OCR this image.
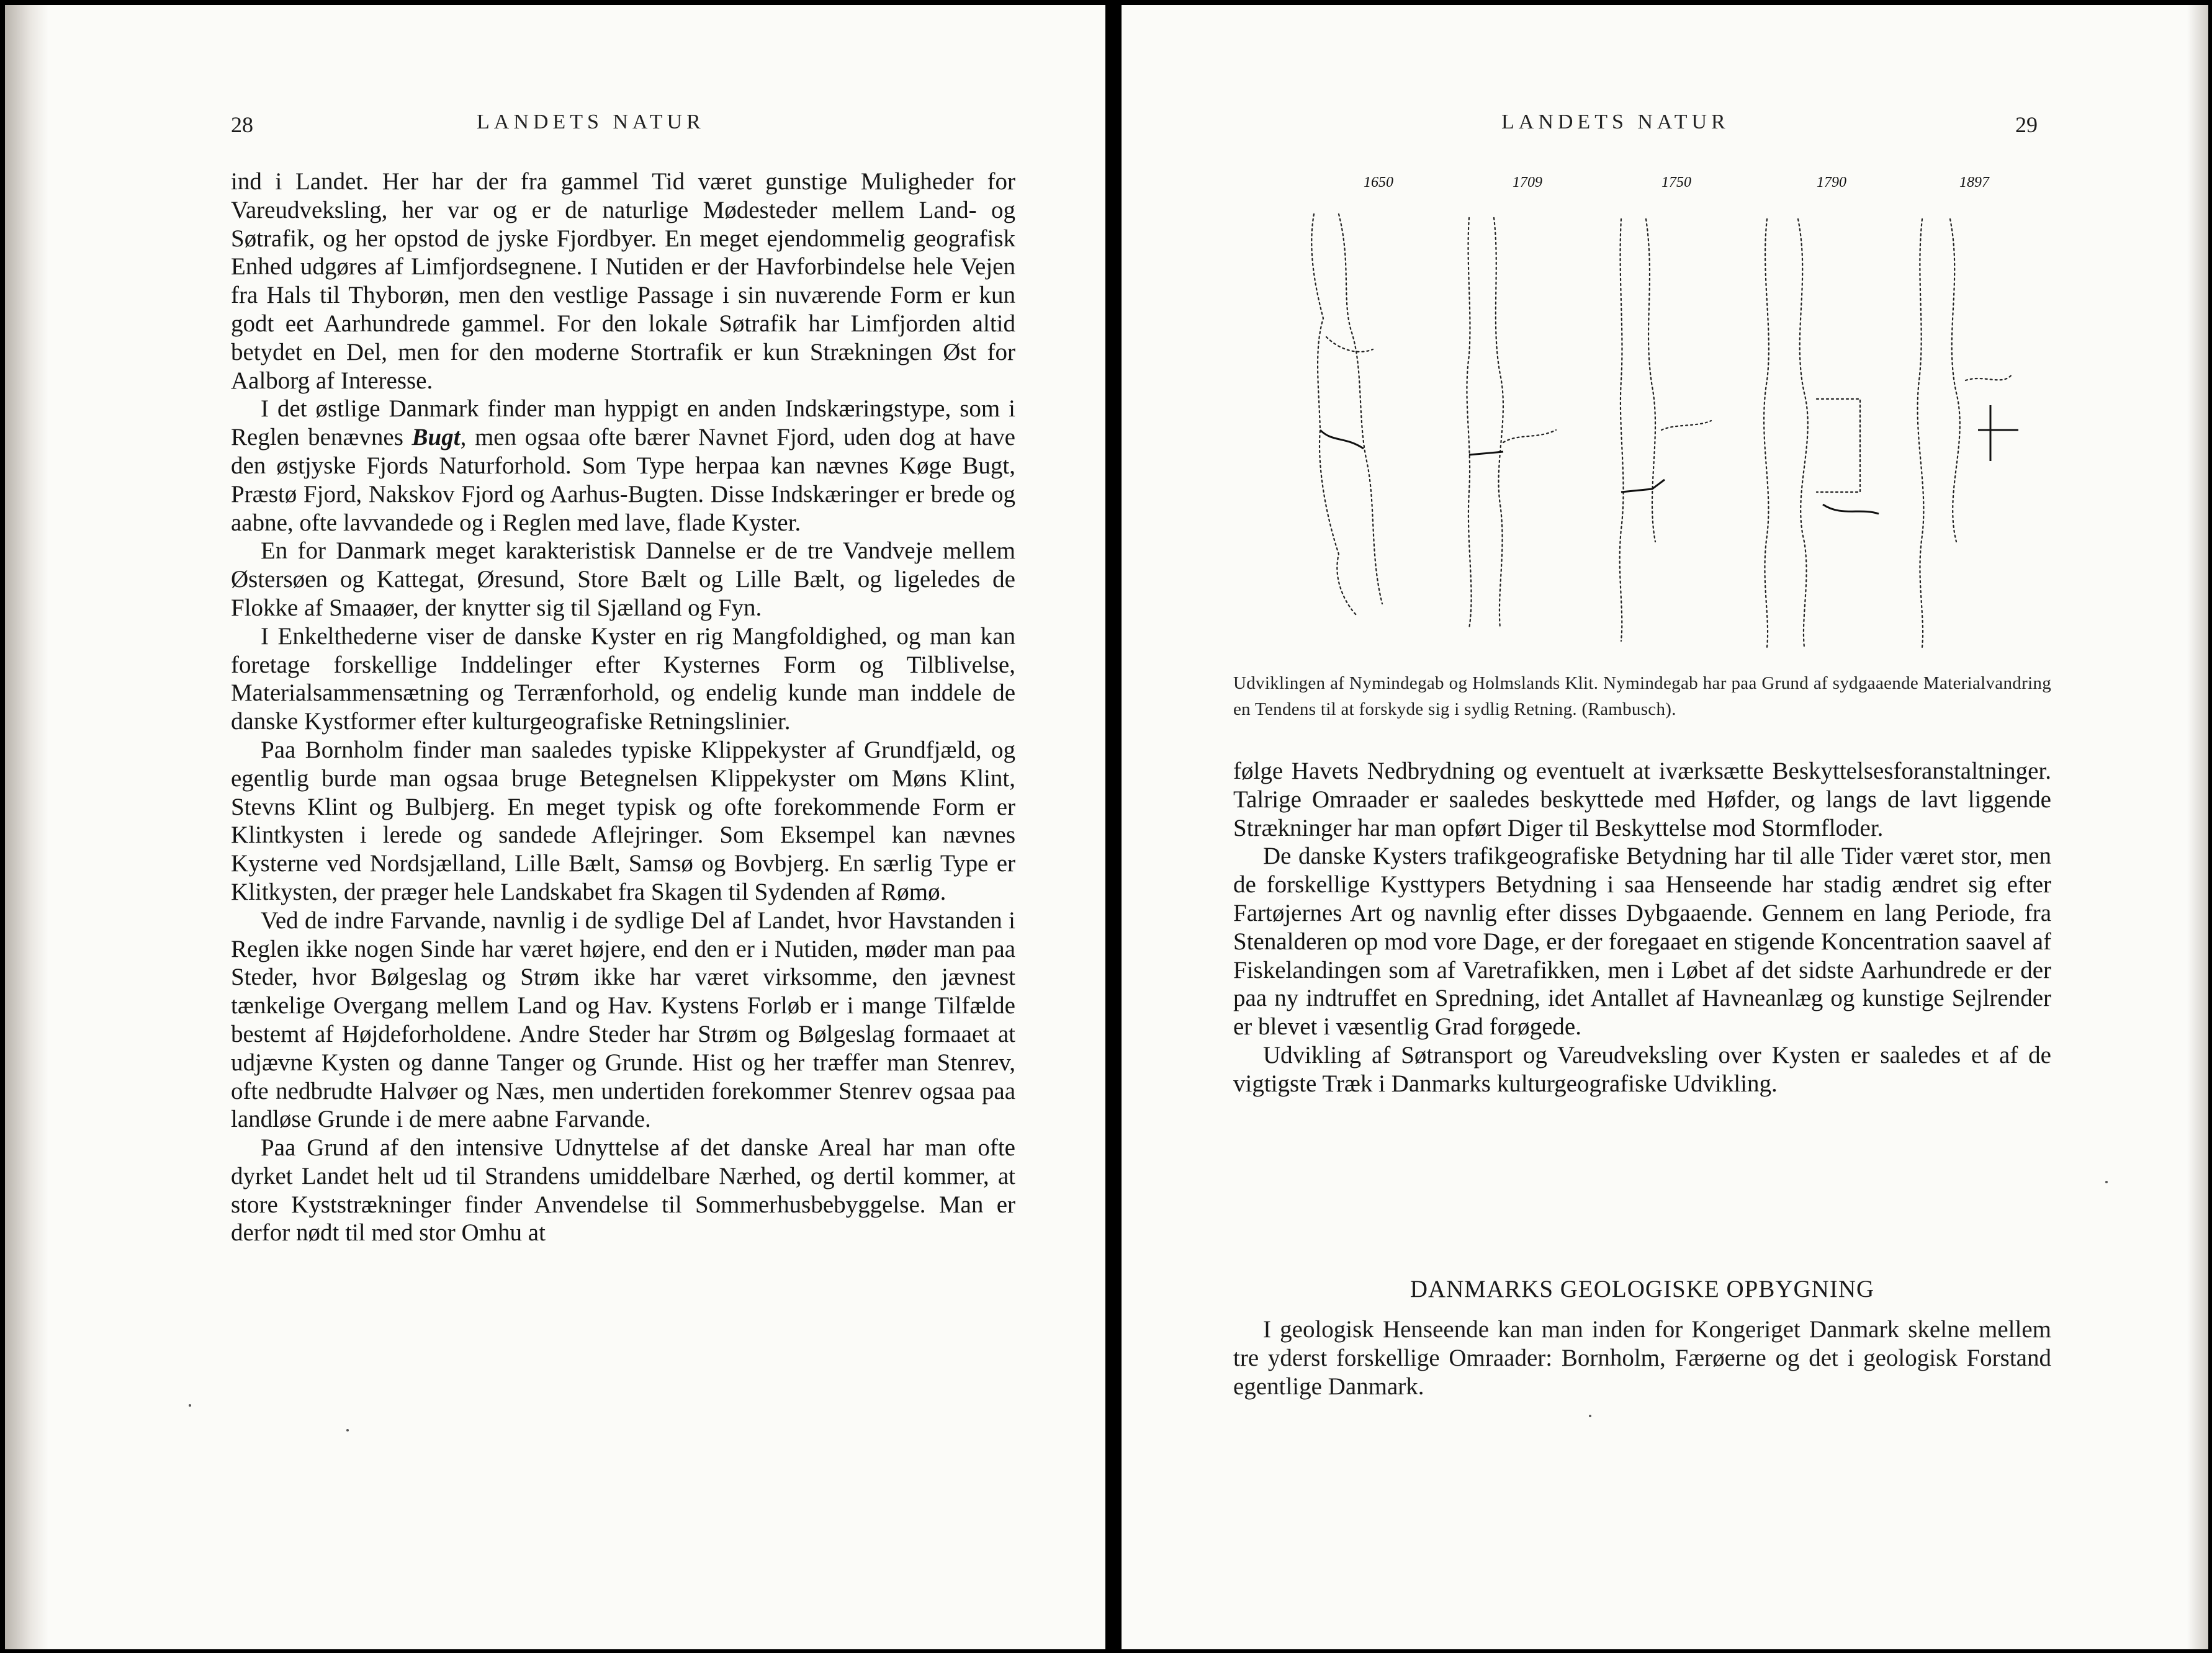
28	LANDETS NATUR

ind i Landet. Her har der fra gammel Tid været gunstige Muligheder for Vareudveksling, her var og er de naturlige Mødesteder mellem Land- og Søtrafik, og her opstod de jyske Fjordbyer. En meget ejendommelig geografisk Enhed udgøres af Limfjordsegnene. I Nutiden er der Havforbindelse hele Vejen fra Hals til Thyborøn, men den vestlige Passage i sin nuværende Form er kun godt eet Aarhundrede gammel. For den lokale Søtrafik har Limfjorden altid betydet en Del, men for den moderne Stortrafik er kun Strækningen Øst for Aalborg af Interesse.

I det østlige Danmark finder man hyppigt en anden Indskæringstype, som i Reglen benævnes Bugt, men ogsaa ofte bærer Navnet Fjord, uden dog at have den østjyske Fjords Naturforhold. Som Type herpaa kan nævnes Køge Bugt, Præstø Fjord, Nakskov Fjord og Aarhus-Bugten. Disse Indskæringer er brede og aabne, ofte lavvandede og i Reglen med lave, flade Kyster.

En for Danmark meget karakteristisk Dannelse er de tre Vandveje mellem Østersøen og Kattegat, Øresund, Store Bælt og Lille Bælt, og ligeledes de Flokke af Smaaøer, der knytter sig til Sjælland og Fyn.

I Enkelthederne viser de danske Kyster en rig Mangfoldighed, og man kan foretage forskellige Inddelinger efter Kysternes Form og Tilblivelse, Materialsammensætning og Terrænforhold, og endelig kunde man inddele de danske Kystformer efter kulturgeografiske Retningslinier.

Paa Bornholm finder man saaledes typiske Klippekyster af Grundfjæld, og egentlig burde man ogsaa bruge Betegnelsen Klippekyster om Møns Klint, Stevns Klint og Bulbjerg. En meget typisk og ofte forekommende Form er Klintkysten i lerede og sandede Aflejringer. Som Eksempel kan nævnes Kysterne ved Nordsjælland, Lille Bælt, Samsø og Bovbjerg. En særlig Type er Klitkysten, der præger hele Landskabet fra Skagen til Sydenden af Rømø.

Ved de indre Farvande, navnlig i de sydlige Del af Landet, hvor Havstanden i Reglen ikke nogen Sinde har været højere, end den er i Nutiden, møder man paa Steder, hvor Bølgeslag og Strøm ikke har været virksomme, den jævnest tænkelige Overgang mellem Land og Hav. Kystens Forløb er i mange Tilfælde bestemt af Højdeforholdene. Andre Steder har Strøm og Bølgeslag formaaet at udjævne Kysten og danne Tanger og Grunde. Hist og her træffer man Stenrev, ofte nedbrudte Halvøer og Næs, men undertiden forekommer Stenrev ogsaa paa landløse Grunde i de mere aabne Farvande.

Paa Grund af den intensive Udnyttelse af det danske Areal har man ofte dyrket Landet helt ud til Strandens umiddelbare Nærhed, og dertil kommer, at store Kyststrækninger finder Anvendelse til Sommerhusbebyggelse. Man er derfor nødt til med stor Omhu at

LANDETS NATUR	29
1650	1709	1750	1790	1897
Udviklingen af Nymindegab og Holmslands Klit. Nymindegab har paa Grund af sydgaaende Materialvandring en Tendens til at forskyde sig i sydlig Retning. (Rambusch).

følge Havets Nedbrydning og eventuelt at iværksætte Beskyttelsesforanstaltninger. Talrige Omraader er saaledes beskyttede med Høfder, og langs de lavt liggende Strækninger har man opført Diger til Beskyttelse mod Stormfloder.

De danske Kysters trafikgeografiske Betydning har til alle Tider været stor, men de forskellige Kysttypers Betydning i saa Henseende har stadig ændret sig efter Fartøjernes Art og navnlig efter disses Dybgaaende. Gennem en lang Periode, fra Stenalderen op mod vore Dage, er der foregaaet en stigende Koncentration saavel af Fiskelandingen som af Varetrafikken, men i Løbet af det sidste Aarhundrede er der paa ny indtruffet en Spredning, idet Antallet af Havneanlæg og kunstige Sejlrender er blevet i væsentlig Grad forøgede.

Udvikling af Søtransport og Vareudveksling over Kysten er saaledes et af de vigtigste Træk i Danmarks kulturgeografiske Udvikling.

DANMARKS GEOLOGISKE OPBYGNING

I geologisk Henseende kan man inden for Kongeriget Danmark skelne mellem tre yderst forskellige Omraader: Bornholm, Færøerne og det i geologisk Forstand egentlige Danmark.
